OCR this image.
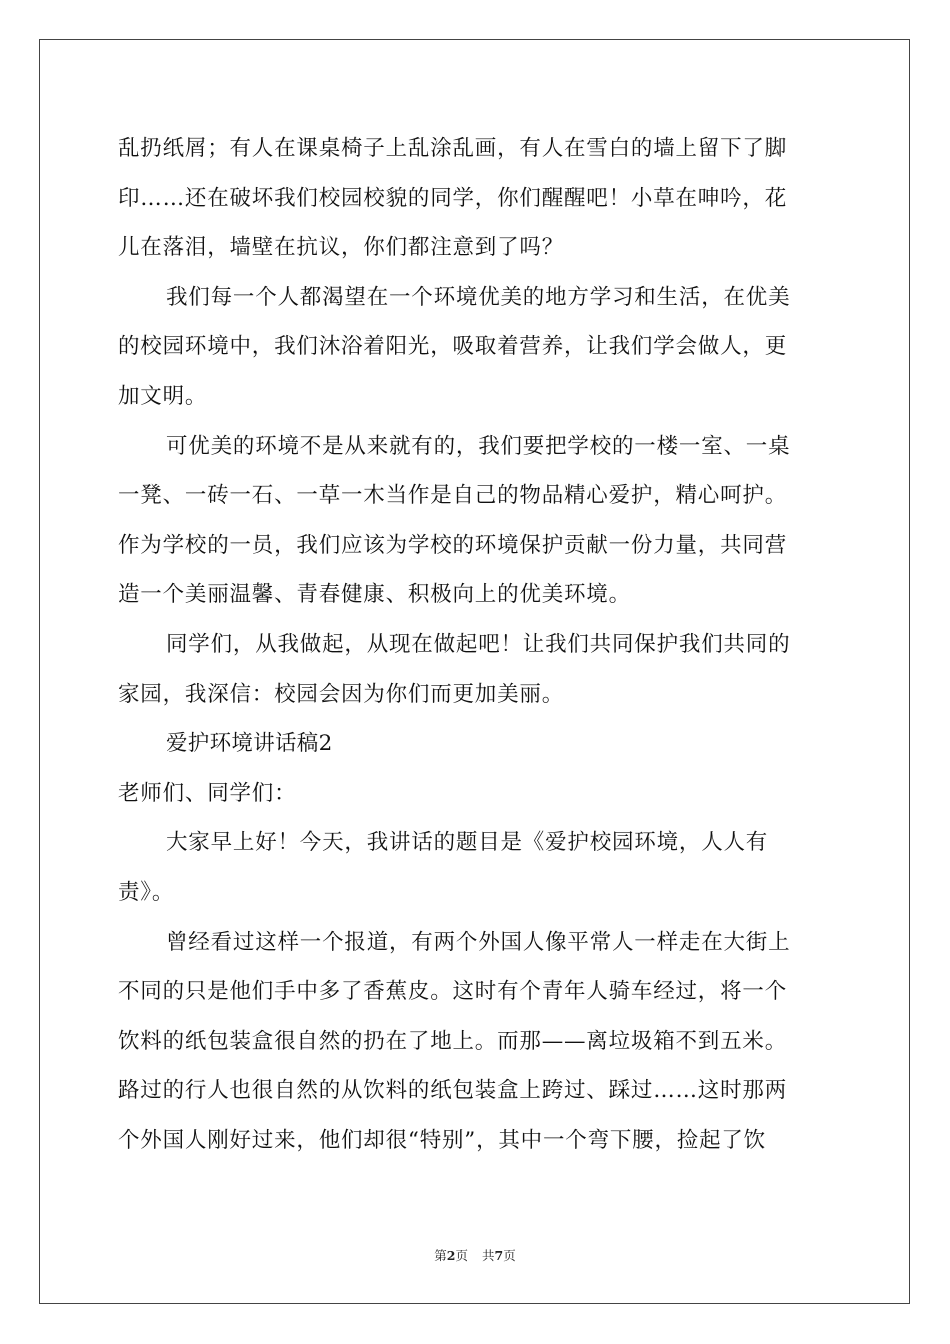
乱扔纸屑；有人在课桌椅子上乱涂乱画，有人在雪白的墙上留下了脚
印……还在破坏我们校园校貌的同学，你们醒醒吧！小草在呻吟，花
儿在落泪，墙壁在抗议，你们都注意到了吗？
我们每一个人都渴望在一个环境优美的地方学习和生活，在优美
的校园环境中，我们沐浴着阳光，吸取着营养，让我们学会做人，更
加文明。
可优美的环境不是从来就有的，我们要把学校的一楼一室、一桌
一凳、一砖一石、一草一木当作是自己的物品精心爱护，精心呵护。
作为学校的一员，我们应该为学校的环境保护贡献一份力量，共同营
造一个美丽温馨、青春健康、积极向上的优美环境。
同学们，从我做起，从现在做起吧！让我们共同保护我们共同的
家园，我深信：校园会因为你们而更加美丽。
爱护环境讲话稿2
老师们、同学们：
大家早上好！今天，我讲话的题目是《爱护校园环境，人人有
责》。
曾经看过这样一个报道，有两个外国人像平常人一样走在大街上
不同的只是他们手中多了香蕉皮。这时有个青年人骑车经过，将一个
饮料的纸包装盒很自然的扔在了地上。而那——离垃圾箱不到五米。
路过的行人也很自然的从饮料的纸包装盒上跨过、踩过……这时那两
个外国人刚好过来，他们却很“特别”，其中一个弯下腰，捡起了饮
第2页 共7页
